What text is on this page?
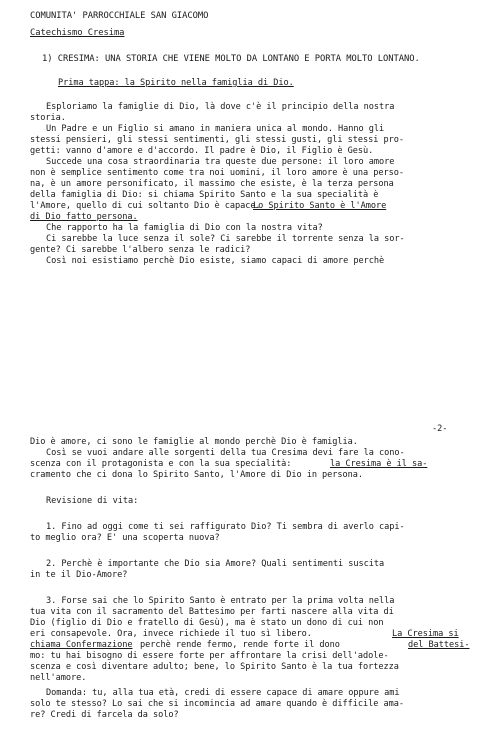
COMUNITA' PARROCCHIALE SAN GIACOMO
Catechismo Cresima
1) CRESIMA: UNA STORIA CHE VIENE MOLTO DA LONTANO E PORTA MOLTO LONTANO.
Prima tappa: la Spirito nella famiglia di Dio.
Esploriamo la famiglie di Dio, là dove c'è il principio della nostra
storia.
Un Padre e un Figlio si amano in maniera unica al mondo. Hanno gli
stessi pensieri, gli stessi sentimenti, gli stessi gusti, gli stessi pro-
getti: vanno d'amore e d'accordo. Il padre è Dio, il Figlio è Gesù.
Succede una cosa straordinaria tra queste due persone: il loro amore
non è semplice sentimento come tra noi uomini, il loro amore è una perso-
na, è un amore personificato, il massimo che esiste, è la terza persona
della famiglia di Dio: si chiama Spirito Santo e la sua specialità è
l'Amore, quello di cui soltanto Dio è capace.
Lo Spirito Santo è l'Amore
di Dio fatto persona.
Che rapporto ha la famiglia di Dio con la nostra vita?
Ci sarebbe la luce senza il sole? Ci sarebbe il torrente senza la sor-
gente? Ci sarebbe l'albero senza le radici?
Così noi esistiamo perchè Dio esiste, siamo capaci di amore perchè
-2-
Dio è amore, ci sono le famiglie al mondo perchè Dio è famiglia.
Così se vuoi andare alle sorgenti della tua Cresima devi fare la cono-
scenza con il protagonista e con la sua specialità:	la Cresima è il sa-
cramento che ci dona lo Spirito Santo, l'Amore di Dio in persona.
Revisione di vita:
1. Fino ad oggi come ti sei raffigurato Dio? Ti sembra di averlo capi-
to meglio ora? E' una scoperta nuova?
2. Perchè è importante che Dio sia Amore? Quali sentimenti suscita
in te il Dio-Amore?
3. Forse sai che lo Spirito Santo è entrato per la prima volta nella
tua vita con il sacramento del Battesimo per farti nascere alla vita di
Dio (figlio di Dio e fratello di Gesù), ma è stato un dono di cui non
eri consapevole. Ora, invece richiede il tuo sì libero.	La Cresima si
chiama Confermazione perchè rende fermo, rende forte il dono	del Battesi-
mo: tu hai bisogno di essere forte per affrontare la crisi dell'adole-
scenza e così diventare adulto; bene, lo Spirito Santo è la tua fortezza
nell'amore.
Domanda: tu, alla tua età, credi di essere capace di amare oppure ami
solo te stesso? Lo sai che si incomincia ad amare quando è difficile ama-
re? Credi di farcela da solo?
